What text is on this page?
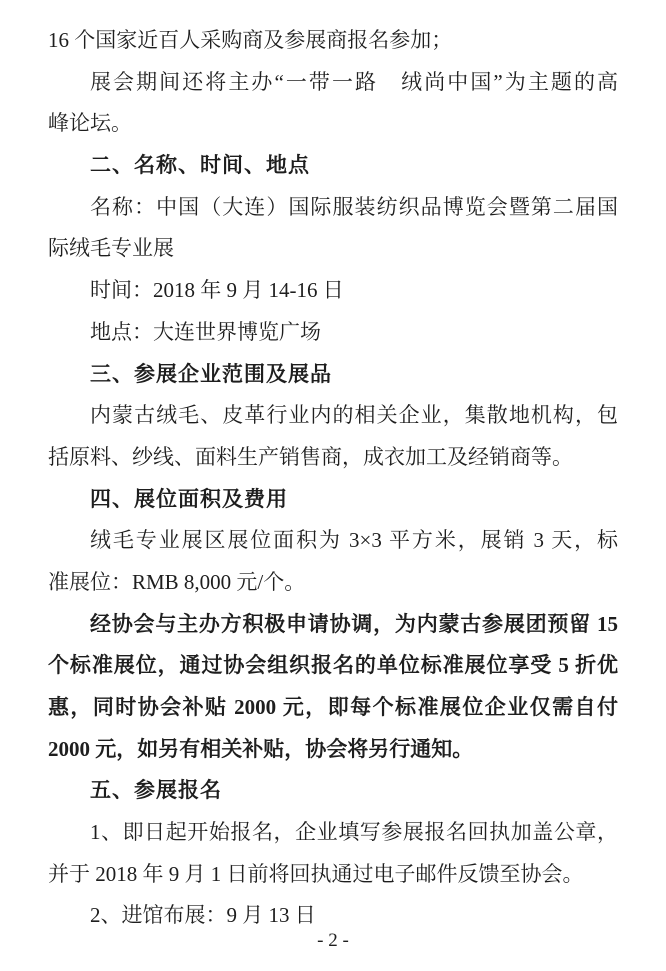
16 个国家近百人采购商及参展商报名参加；
展会期间还将主办“一带一路　绒尚中国”为主题的高
峰论坛。
二、名称、时间、地点
名称：中国（大连）国际服装纺织品博览会暨第二届国
际绒毛专业展
时间：2018 年 9 月 14-16 日
地点：大连世界博览广场
三、参展企业范围及展品
内蒙古绒毛、皮革行业内的相关企业，集散地机构，包
括原料、纱线、面料生产销售商，成衣加工及经销商等。
四、展位面积及费用
绒毛专业展区展位面积为 3×3 平方米，展销 3 天，标
准展位：RMB 8,000 元/个。
经协会与主办方积极申请协调，为内蒙古参展团预留 15
个标准展位，通过协会组织报名的单位标准展位享受 5 折优
惠，同时协会补贴 2000 元，即每个标准展位企业仅需自付
2000 元，如另有相关补贴，协会将另行通知。
五、参展报名
1、即日起开始报名，企业填写参展报名回执加盖公章，
并于 2018 年 9 月 1 日前将回执通过电子邮件反馈至协会。
2、进馆布展：9 月 13 日
- 2 -
